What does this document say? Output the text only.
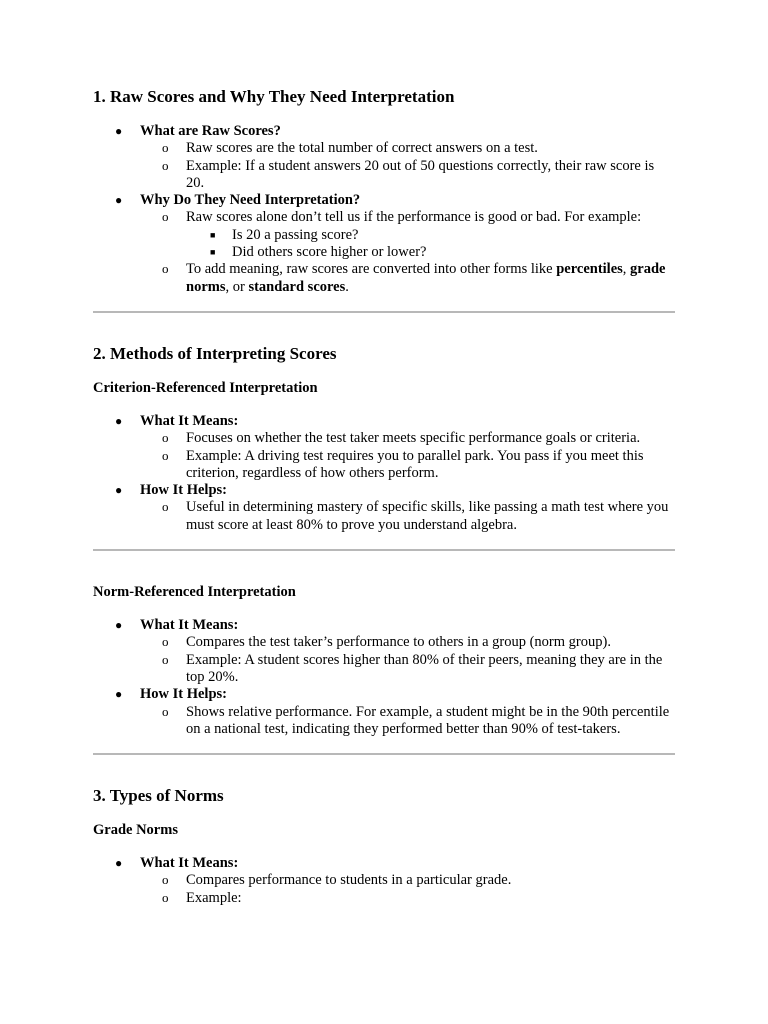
1. Raw Scores and Why They Need Interpretation
● What are Raw Scores?
o Raw scores are the total number of correct answers on a test.
o Example: If a student answers 20 out of 50 questions correctly, their raw score is 20.
● Why Do They Need Interpretation?
o Raw scores alone don’t tell us if the performance is good or bad. For example:
■ Is 20 a passing score?
■ Did others score higher or lower?
o To add meaning, raw scores are converted into other forms like percentiles, grade norms, or standard scores.
2. Methods of Interpreting Scores
Criterion-Referenced Interpretation
● What It Means:
o Focuses on whether the test taker meets specific performance goals or criteria.
o Example: A driving test requires you to parallel park. You pass if you meet this criterion, regardless of how others perform.
● How It Helps:
o Useful in determining mastery of specific skills, like passing a math test where you must score at least 80% to prove you understand algebra.
Norm-Referenced Interpretation
● What It Means:
o Compares the test taker’s performance to others in a group (norm group).
o Example: A student scores higher than 80% of their peers, meaning they are in the top 20%.
● How It Helps:
o Shows relative performance. For example, a student might be in the 90th percentile on a national test, indicating they performed better than 90% of test-takers.
3. Types of Norms
Grade Norms
● What It Means:
o Compares performance to students in a particular grade.
o Example:
